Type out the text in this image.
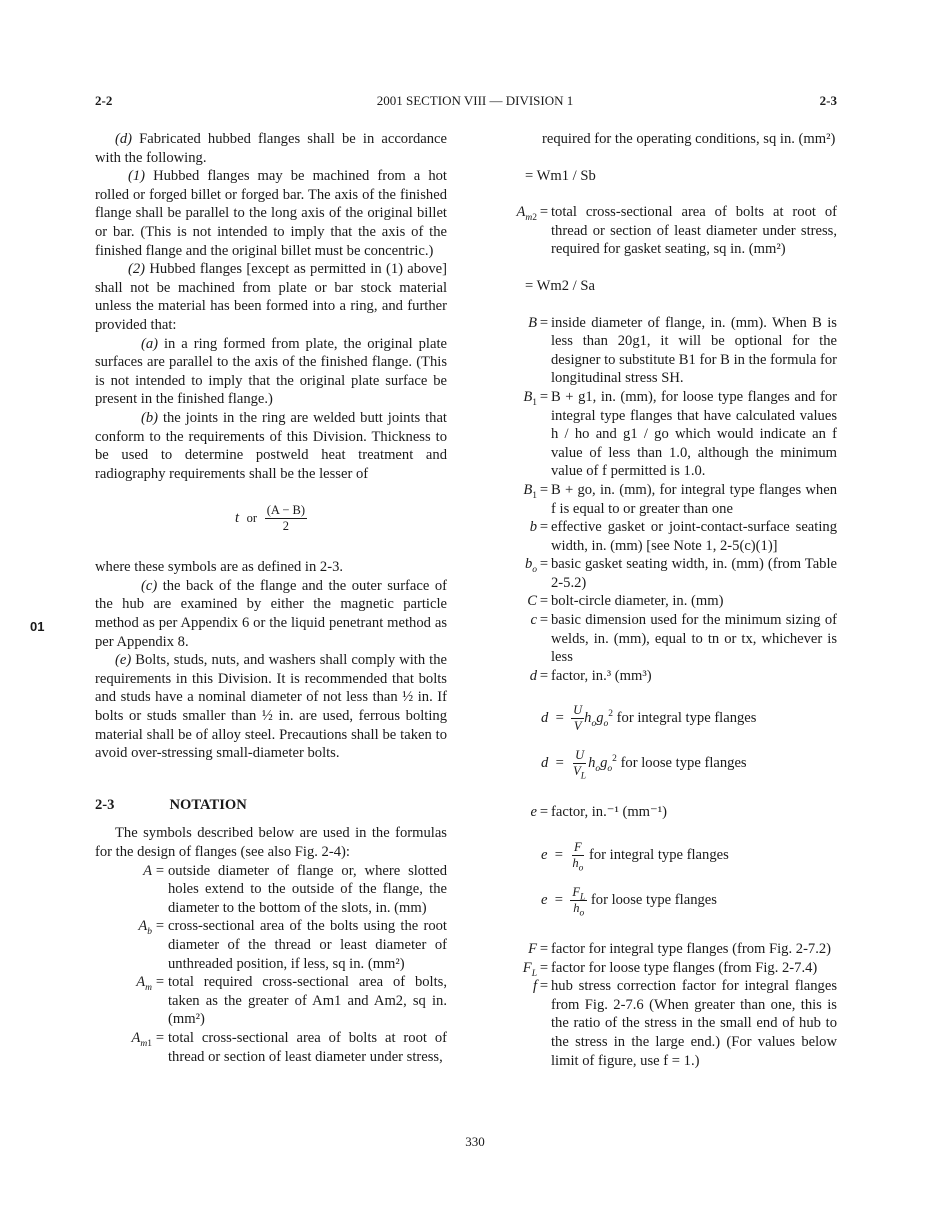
2-2	2001 SECTION VIII — DIVISION 1	2-3
01

(d) Fabricated hubbed flanges shall be in accordance with the following.

(1) Hubbed flanges may be machined from a hot rolled or forged billet or forged bar. The axis of the finished flange shall be parallel to the long axis of the original billet or bar. (This is not intended to imply that the axis of the finished flange and the original billet must be concentric.)

(2) Hubbed flanges [except as permitted in (1) above] shall not be machined from plate or bar stock material unless the material has been formed into a ring, and further provided that:

(a) in a ring formed from plate, the original plate surfaces are parallel to the axis of the finished flange. (This is not intended to imply that the original plate surface be present in the finished flange.)

(b) the joints in the ring are welded butt joints that conform to the requirements of this Division. Thickness to be used to determine postweld heat treatment and radiography requirements shall be the lesser of

t or $\frac{(A - B)}{2}$

where these symbols are as defined in 2-3.

(c) the back of the flange and the outer surface of the hub are examined by either the magnetic particle method as per Appendix 6 or the liquid penetrant method as per Appendix 8.

(e) Bolts, studs, nuts, and washers shall comply with the requirements in this Division. It is recommended that bolts and studs have a nominal diameter of not less than ½ in. If bolts or studs smaller than ½ in. are used, ferrous bolting material shall be of alloy steel. Precautions shall be taken to avoid over-stressing small-diameter bolts.

2-3	NOTATION

The symbols described below are used in the formulas for the design of flanges (see also Fig. 2-4):

A = outside diameter of flange or, where slotted holes extend to the outside of the flange, the diameter to the bottom of the slots, in. (mm)
$A_b$ = cross-sectional area of the bolts using the root diameter of the thread or least diameter of unthreaded position, if less, sq in. (mm²)
$A_m$ = total required cross-sectional area of bolts, taken as the greater of Am1 and Am2, sq in. (mm²)
$A_{m1}$ = total cross-sectional area of bolts at root of thread or section of least diameter under stress,

required for the operating conditions, sq in. (mm²)

= Wm1 / Sb

$A_{m2}$ = total cross-sectional area of bolts at root of thread or section of least diameter under stress, required for gasket seating, sq in. (mm²)

= Wm2 / Sa

B = inside diameter of flange, in. (mm). When B is less than 20g1, it will be optional for the designer to substitute B1 for B in the formula for longitudinal stress SH.
$B_1 = B + g1$, in. (mm), for loose type flanges and for integral type flanges that have calculated values h / ho and g1 / go which would indicate an f value of less than 1.0, although the minimum value of f permitted is 1.0.
$B_1 = B$ + go, in. (mm), for integral type flanges when f is equal to or greater than one
b = effective gasket or joint-contact-surface seating width, in. (mm) [see Note 1, 2-5(c)(1)]
$b_o$ = basic gasket seating width, in. (mm) (from Table 2-5.2)
C = bolt-circle diameter, in. (mm)
c = basic dimension used for the minimum sizing of welds, in. (mm), equal to tn or tx, whichever is less
d = factor, in.³ (mm³)
$d = \frac{U}{V} h_og_o^2$ for integral type flanges
$d = \frac{U}{V_L} h_og_o^2$ for loose type flanges
e = factor, in.⁻¹ (mm⁻¹)
$e = \frac{F}{h_o}$ for integral type flanges
$e = \frac{F_L}{h_o}$ for loose type flanges
F = factor for integral type flanges (from Fig. 2-7.2)
$F_L$ = factor for loose type flanges (from Fig. 2-7.4)
f = hub stress correction factor for integral flanges from Fig. 2-7.6 (When greater than one, this is the ratio of the stress in the small end of hub to the stress in the large end.) (For values below limit of figure, use f = 1.)
330
